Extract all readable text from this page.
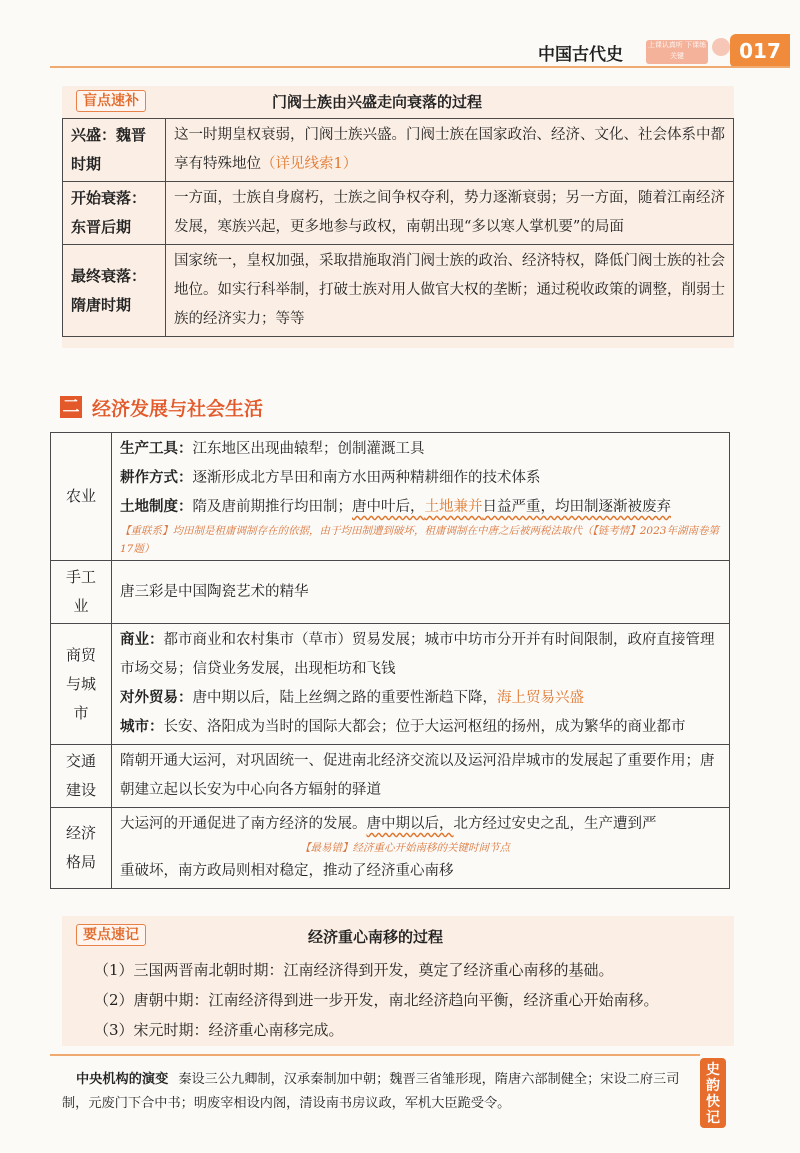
中国古代史	上课认真听 下课练关键	017
盲点速补	门阀士族由兴盛走向衰落的过程
兴盛：魏晋时期	这一时期皇权衰弱，门阀士族兴盛。门阀士族在国家政治、经济、文化、社会体系中都享有特殊地位（详见线索1）
开始衰落：东晋后期	一方面，士族自身腐朽，士族之间争权夺利，势力逐渐衰弱；另一方面，随着江南经济发展，寒族兴起，更多地参与政权，南朝出现“多以寒人掌机要”的局面
最终衰落：隋唐时期	国家统一，皇权加强，采取措施取消门阀士族的政治、经济特权，降低门阀士族的社会地位。如实行科举制，打破士族对用人做官大权的垄断；通过税收政策的调整，削弱士族的经济实力；等等
二 经济发展与社会生活
农业	生产工具：江东地区出现曲辕犁；创制灌溉工具
耕作方式：逐渐形成北方旱田和南方水田两种精耕细作的技术体系
土地制度：隋及唐前期推行均田制；唐中叶后，土地兼并日益严重，均田制逐渐被废弃
【重联系】均田制是租庸调制存在的依据，由于均田制遭到破坏，租庸调制在中唐之后被两税法取代（【链考情】2023年湖南卷第17题）

手工业	唐三彩是中国陶瓷艺术的精华
商贸与城市	商业：都市商业和农村集市（草市）贸易发展；城市中坊市分开并有时间限制，政府直接管理市场交易；信贷业务发展，出现柜坊和飞钱
对外贸易：唐中期以后，陆上丝绸之路的重要性渐趋下降，海上贸易兴盛
城市：长安、洛阳成为当时的国际大都会；位于大运河枢纽的扬州，成为繁华的商业都市

交通建设	隋朝开通大运河，对巩固统一、促进南北经济交流以及运河沿岸城市的发展起了重要作用；唐朝建立起以长安为中心向各方辐射的驿道
经济格局	大运河的开通促进了南方经济的发展。唐中期以后，北方经过安史之乱，生产遭到严
【最易错】经济重心开始南移的关键时间节点
重破坏，南方政局则相对稳定，推动了经济重心南移
要点速记	经济重心南移的过程
（1）三国两晋南北朝时期：江南经济得到开发，奠定了经济重心南移的基础。
（2）唐朝中期：江南经济得到进一步开发，南北经济趋向平衡，经济重心开始南移。
（3）宋元时期：经济重心南移完成。
中央机构的演变 秦设三公九卿制，汉承秦制加中朝；魏晋三省雏形现，隋唐六部制健全；宋设二府三司制，元废门下合中书；明废宰相设内阁，清设南书房议政，军机大臣跪受令。
史韵快记
